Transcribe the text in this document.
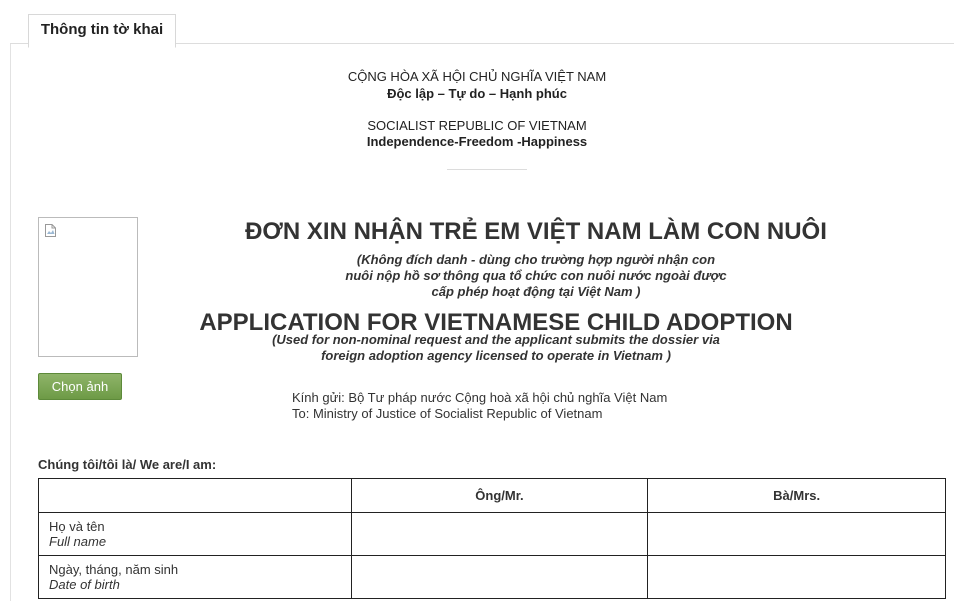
Thông tin tờ khai
CỘNG HÒA XÃ HỘI CHỦ NGHĨA VIỆT NAM
Độc lập – Tự do – Hạnh phúc
SOCIALIST REPUBLIC OF VIETNAM
Independence-Freedom -Happiness
Chọn ảnh
ĐƠN XIN NHẬN TRẺ EM VIỆT NAM LÀM CON NUÔI
(Không đích danh - dùng cho trường hợp người nhận con
nuôi nộp hồ sơ thông qua tổ chức con nuôi nước ngoài được
cấp phép hoạt động tại Việt Nam )
APPLICATION FOR VIETNAMESE CHILD ADOPTION
(Used for non-nominal request and the applicant submits the dossier via
foreign adoption agency licensed to operate in Vietnam )
Kính gửi: Bộ Tư pháp nước Cộng hoà xã hội chủ nghĩa Việt Nam
To: Ministry of Justice of Socialist Republic of Vietnam
Chúng tôi/tôi là/ We are/I am:
	Ông/Mr.	Bà/Mrs.
Họ và tên
Full name		

Ngày, tháng, năm sinh
Date of birth		
